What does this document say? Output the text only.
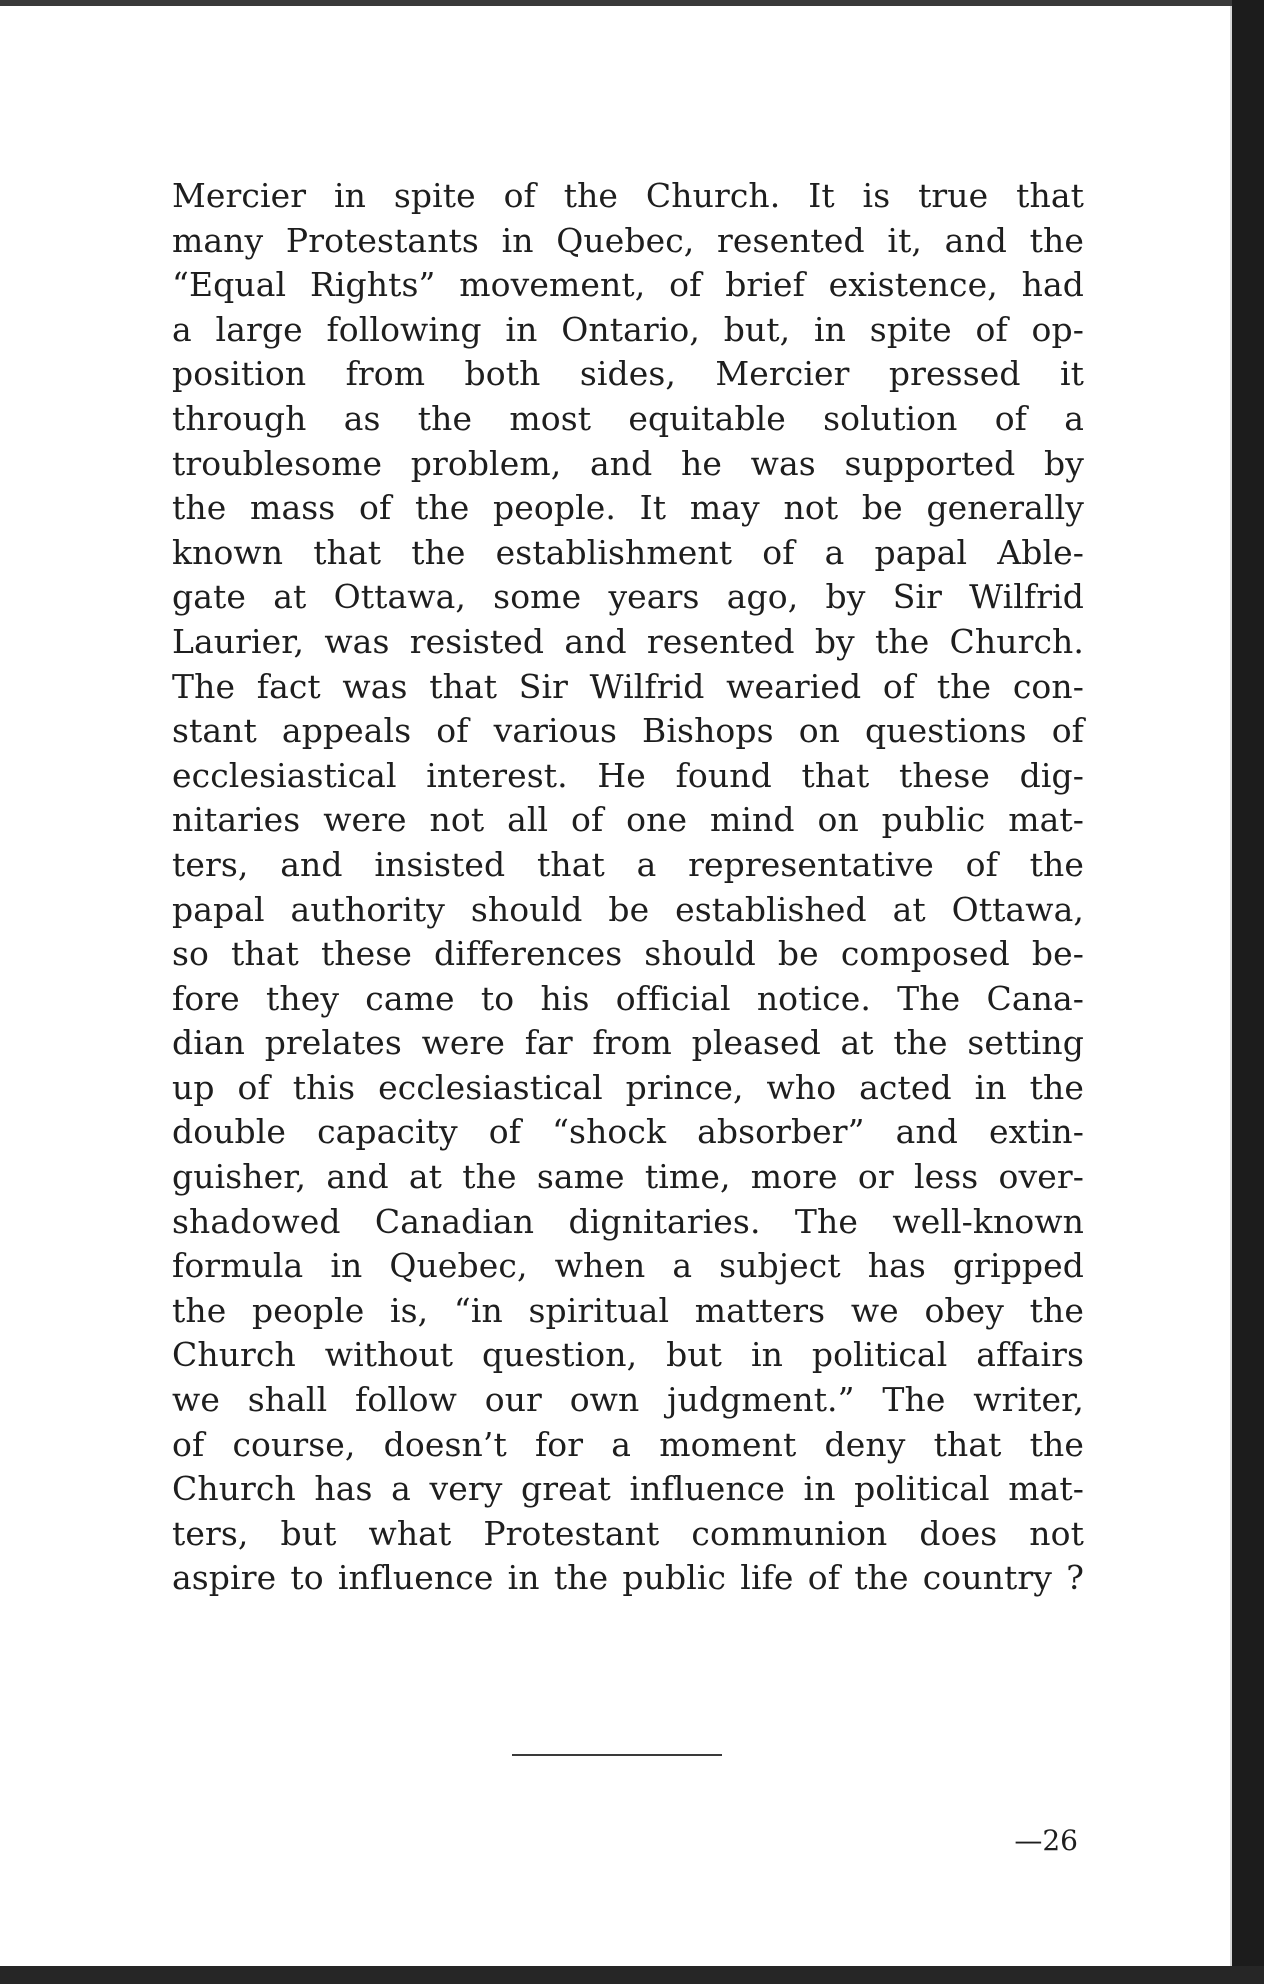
Mercier in spite of the Church. It is true that
many Protestants in Quebec, resented it, and the
“Equal Rights” movement, of brief existence, had
a large following in Ontario, but, in spite of op-
position from both sides, Mercier pressed it
through as the most equitable solution of a
troublesome problem, and he was supported by
the mass of the people. It may not be generally
known that the establishment of a papal Able-
gate at Ottawa, some years ago, by Sir Wilfrid
Laurier, was resisted and resented by the Church.
The fact was that Sir Wilfrid wearied of the con-
stant appeals of various Bishops on questions of
ecclesiastical interest. He found that these dig-
nitaries were not all of one mind on public mat-
ters, and insisted that a representative of the
papal authority should be established at Ottawa,
so that these differences should be composed be-
fore they came to his official notice. The Cana-
dian prelates were far from pleased at the setting
up of this ecclesiastical prince, who acted in the
double capacity of “shock absorber” and extin-
guisher, and at the same time, more or less over-
shadowed Canadian dignitaries. The well-known
formula in Quebec, when a subject has gripped
the people is, “in spiritual matters we obey the
Church without question, but in political affairs
we shall follow our own judgment.” The writer,
of course, doesn’t for a moment deny that the
Church has a very great influence in political mat-
ters, but what Protestant communion does not
aspire to influence in the public life of the country ?
—26
